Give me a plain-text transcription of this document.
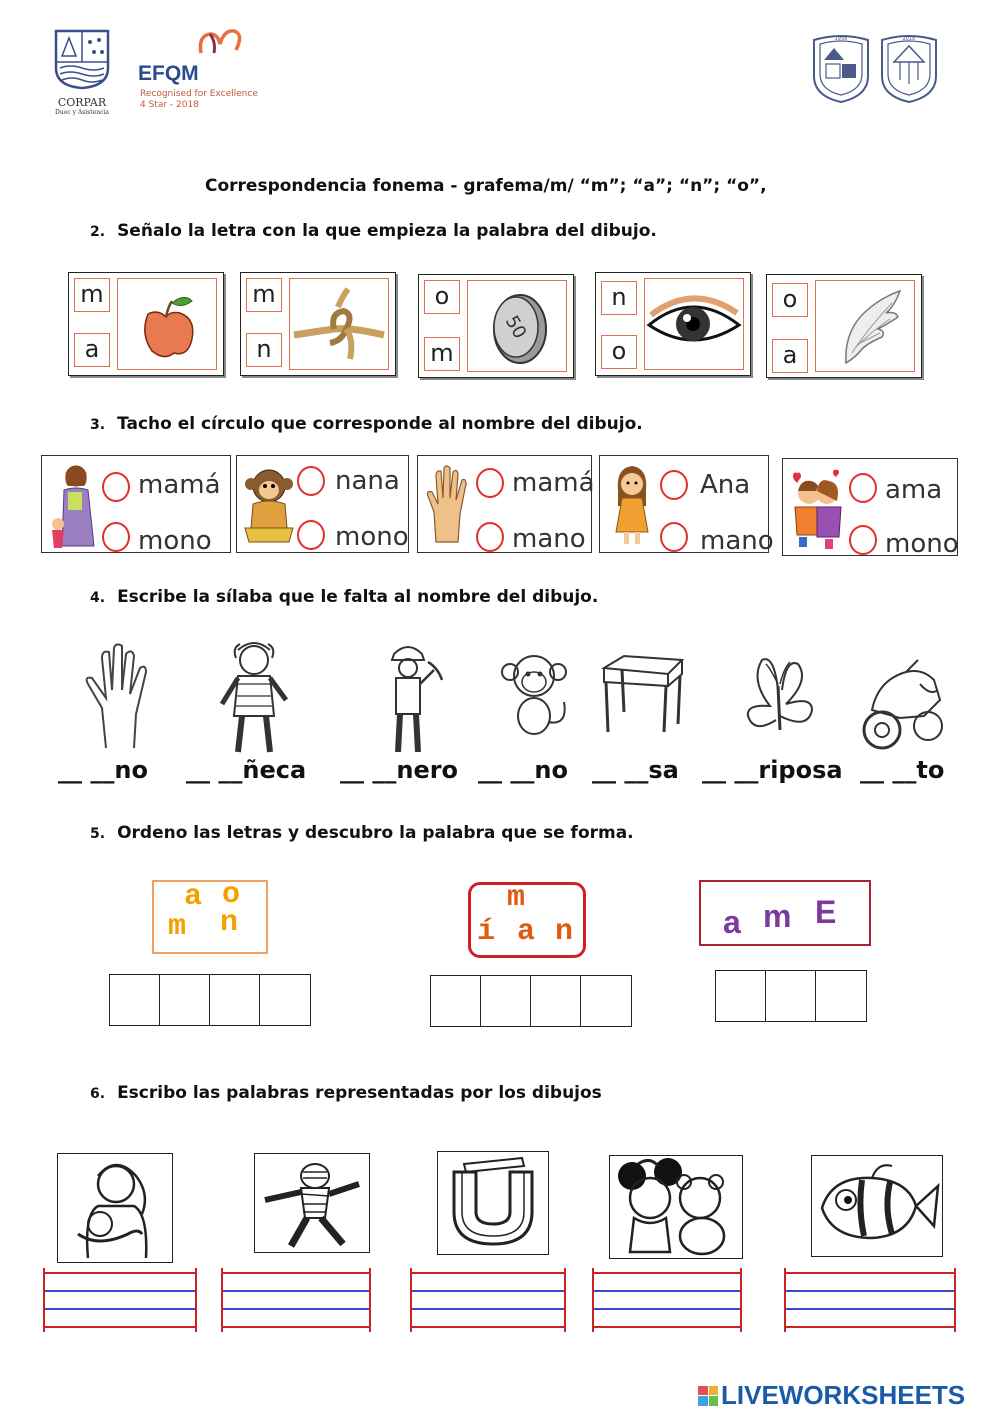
CORPAR
Duoc y Asistencia
EFQM
Recognised for Excellence
4 Star - 2018
1958	2018
Correspondencia fonema - grafema/m/ “m”; “a”; “n”; “o”,
2. Señalo la letra con la que empieza la palabra del dibujo.
m
a
m
n
o
m
50
n
o
o
a
3. Tacho el círculo que corresponde al nombre del dibujo.
mamá
mono
nana
mono
mamá
mano
Ana
mano
ama
mono
4. Escribe la sílaba que le falta al nombre del dibujo.
__ __no __ __ñeca __ __nero __ __no __ __sa __ __riposa __ __to
5. Ordeno las letras y descubro la palabra que se forma.
a o
m n
m
í a n	a m E
6. Escribo las palabras representadas por los dibujos
LIVEWORKSHEETS
